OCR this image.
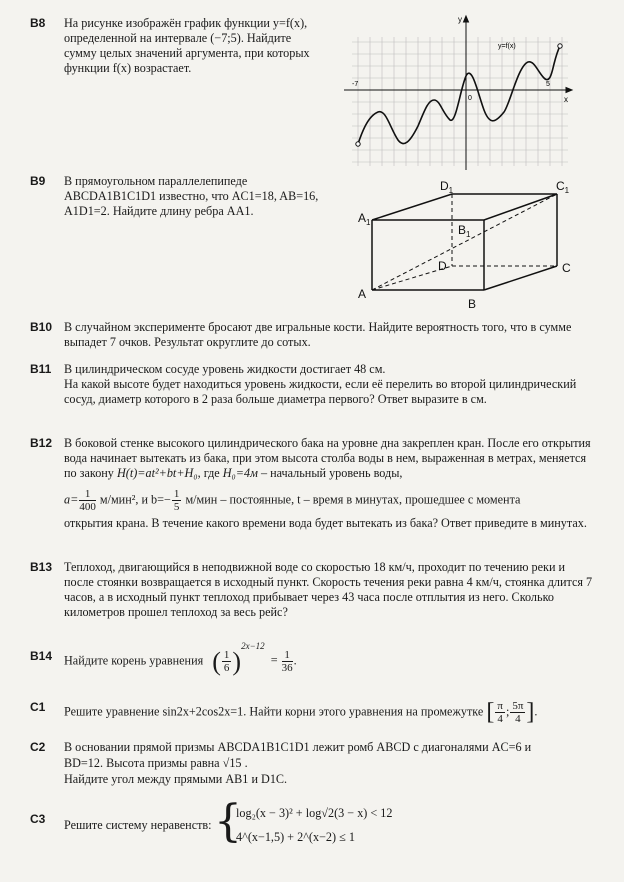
B8 На рисунке изображён график функции y=f(x), определенной на интервале (−7;5). Найдите сумму целых значений аргумента, при которых функции f(x) возрастает.
y
x
y=f(x)
-7
0
5
B9 В прямоугольном параллелепипеде ABCDA1B1C1D1 известно, что AC1=18, AB=16, A1D1=2. Найдите длину ребра AA1.
$D_1$	$C_1$
$A_1$
$B_1$
D	C
A
B
B10 В случайном эксперименте бросают две игральные кости. Найдите вероятность того, что в сумме выпадет 7 очков. Результат округлите до сотых.
B11 В цилиндрическом сосуде уровень жидкости достигает 48 см.
На какой высоте будет находиться уровень жидкости, если её перелить во второй цилиндрический сосуд, диаметр которого в 2 раза больше диаметра первого? Ответ выразите в см.
B12 В боковой стенке высокого цилиндрического бака на уровне дна закреплен кран. После его открытия вода начинает вытекать из бака, при этом высота столба воды в нем, выраженная в метрах, меняется по закону H(t)=at²+bt+H₀, где H₀=4м – начальный уровень воды,
$a= \frac{1}{400} м/мин^2$, и $b=- \frac{1}{5} м/мин$ – постоянные, t – время в минутах, прошедшее с момента
открытия крана. В течение какого времени вода будет вытекать из бака? Ответ приведите в минутах.
B13 Теплоход, двигающийся в неподвижной воде со скоростью 18 км/ч, проходит по течению реки и после стоянки возвращается в исходный пункт. Скорость течения реки равна 4 км/ч, стоянка длится 7 часов, а в исходный пункт теплоход прибывает через 43 часа после отплытия из него. Сколько километров прошел теплоход за весь рейс?
B14 Найдите корень уравнения ( $\frac{1}{6} )^{2x-12} = \frac{1}{36}$ .
C1 Решите уравнение sin2x+2cos2x=1. Найти корни этого уравнения на промежутке [ $\frac{\pi}{4}$ ; $\frac{5\pi}{4}$ ].
C2 В основании прямой призмы ABCDA1B1C1D1 лежит ромб ABCD с диагоналями AC=6 и
BD=12. Высота призмы равна √15 .
Найдите угол между прямыми AB1 и D1C.
C3 Решите систему неравенств: {
log₂(x − 3)² + log√2(3 − x) < 12
4^(x−1,5) + 2^(x−2) ≤ 1
